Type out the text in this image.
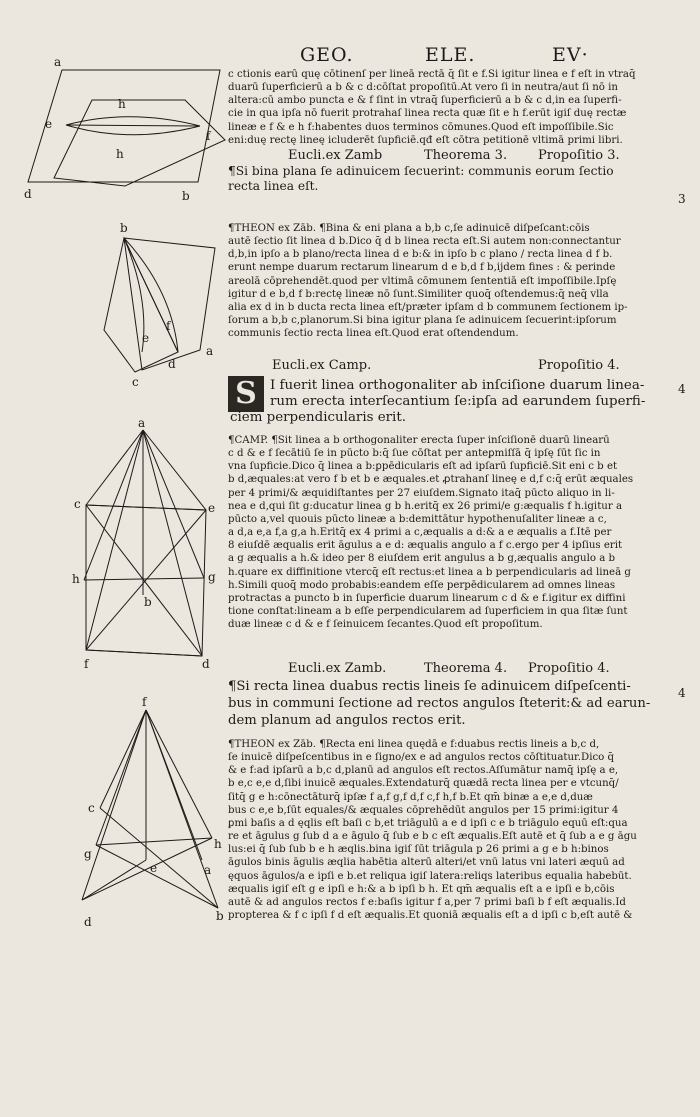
GEO.	ELE.	EV·
3
4
4
c ctionis earū quę cōtinenſ per lineā rectā q̄ ſit e f.Si igitur linea e f eſt in vtraq̄
duarū ſuperficierū a b & c d:cōſtat propoſitū.At vero ſi in neutra/aut ſi nō in
altera:cū ambo puncta e & f ſint in vtraq̄ ſuperficierū a b & c d,in ea ſuperfi-
cie in qua ipſa nō fuerit protrahaſ linea recta quæ ſit e h f.erūt igiſ duę rectæ
lineæ e f & e h f:habentes duos terminos cōmunes.Quod eſt impoſſibile.Sic
eni:duę rectę lineę icluderēt ſupficiē.qđ eſt cōtra petitionē vltimā primi libri.
Eucli.ex Zamb	Theorema 3. Propoſitio 3.
¶Si bina plana ſe adinuicem ſecuerint: communis eorum ſectio
recta linea eſt.
¶THEON ex Zāb. ¶Bina & eni plana a b,b c,ſe adinuicē diſpeſcant:cōis
autē ſectio ſit linea d b.Dico q̄ d b linea recta eſt.Si autem non:connectantur
d,b,in ipſo a b plano/recta linea d e b:& in ipſo b c plano / recta linea d f b.
erunt nempe duarum rectarum linearum d e b,d f b,ijdem fines : & perinde
areolā cōprehendēt.quod per vltimā cōmunem ſententiā eſt impoſſibile.Ipſę
igitur d e b,d f b:rectę lineæ nō ſunt.Similiter quoq̄ oſtendemus:q̄ neq̄ vlla
alia ex d in b ducta recta linea eſt/præter ipſam d b communem ſectionem ip-
ſorum a b,b c,planorum.Si bina igitur plana ſe adinuicem ſecuerint:ipſorum
communis ſectio recta linea eſt.Quod erat oſtendendum.
Eucli.ex Camp.	Propoſitio 4.
S I fuerit linea orthogonaliter ab inſciſione duarum linea-
rum erecta interſecantium ſe:ipſa ad earundem ſuperfi-
ciem perpendicularis erit.
¶CAMP. ¶Sit linea a b orthogonaliter erecta ſuper inſciſionē duarū linearū
c d & e f ſecātiū ſe in pūcto b:q̄ ſue cōſtat per anteꝑmiſſā q̄ ipſę ſūt ſic in
vna ſupficie.Dico q̄ linea a b:ꝑpēdicularis eſt ad ipſarū ſupficiē.Sit eni c b et
b d,æquales:at vero f b et b e æquales.et ꝓtrahanſ lineę e d,f c:q̄ erūt æquales
per 4 primi/& æquidiſtantes per 27 eiuſdem.Signato itaq̄ pūcto aliquo in li-
nea e d,qui ſit g:ducatur linea g b h.eritq̄ ex 26 primi/e g:æqualis f h.igitur a
pūcto a,vel quouis pūcto lineæ a b:demittātur hypothenuſaliter lineæ a c,
a d,a e,a f,a g,a h.Eritq̄ ex 4 primi a c,æqualis a d:& a e æqualis a f.Itē per
8 eiuſdē æqualis erit āgulus a e d: æqualis angulo a f c.ergo per 4 ipſius erit
a g æqualis a h.& ideo per 8 eiuſdem erit angulus a b g,æqualis angulo a b
h.quare ex diffinitione vtercq̄ eſt rectus:et linea a b perpendicularis ad lineā g
h.Simili quoq̄ modo probabis:eandem eſſe perpēdicularem ad omnes lineas
protractas a puncto b in ſuperficie duarum linearum c d & e f.igitur ex diffini
tione conſtat:lineam a b eſſe perpendicularem ad ſuperficiem in qua ſitæ ſunt
duæ lineæ c d & e f ſeinuicem ſecantes.Quod eſt propoſitum.
Eucli.ex Zamb.	Theorema 4. Propoſitio 4.
¶Si recta linea duabus rectis lineis ſe adinuicem diſpeſcenti-
bus in communi ſectione ad rectos angulos ſteterit:& ad earun-
dem planum ad angulos rectos erit.
¶THEON ex Zāb. ¶Recta eni linea quędā e f:duabus rectis lineis a b,c d,
ſe inuicē diſpeſcentibus in e ſigno/ex e ad angulos rectos cōſtituatur.Dico q̄
& e f:ad ipſarū a b,c d,planū ad angulos eſt rectos.Aſſumātur namq̄ ipſę a e,
b e,c e,e d,ſibi inuicē æquales.Extendaturq̄ quædā recta linea per e vtcunq̄/
ſitq̄ g e h:cōnectāturq̄ ipſæ f a,f g,f d,f c,f h,f b.Et qm̄ binæ a e,e d,duæ
bus c e,e b,ſūt equales/& æquales cōprehēdūt angulos per 15 primi:igitur 4
ꝑmi baſis a d ęqlis eſt baſi c b,et triāgulū a e d ipſi c e b triāgulo equū eſt:qua
re et āgulus g ſub d a e āgulo q̄ ſub e b c eſt æqualis.Eſt autē et q̄ ſub a e g āgu
lus:ei q̄ ſub ſub b e h æqlis.bina igiſ ſūt triāgula p 26 primi a g e b h:binos
āgulos binis āgulis æqlia habētia alterū alteri/et vnū latus vni lateri æquū ad
ęquos āgulos/a e ipſi e b.et reliqua igiſ latera:reliqs lateribus equalia habebūt.
æqualis igiſ eſt g e ipſi e h:& a b ipſi b h. Et qm̄ æqualis eſt a e ipſi e b,cōis
autē & ad angulos rectos f e:baſis igitur f a,per 7 primi baſi b f eſt æqualis.Id
propterea & f c ipſi f d eſt æqualis.Et quoniā æqualis eſt a d ipſi c b,eſt autē &
a
e
h
h
f
d	b
b
f
e
a
d
c
a
c	e
h	g
b
f	d
f
h
g
c
e
d
a
b
